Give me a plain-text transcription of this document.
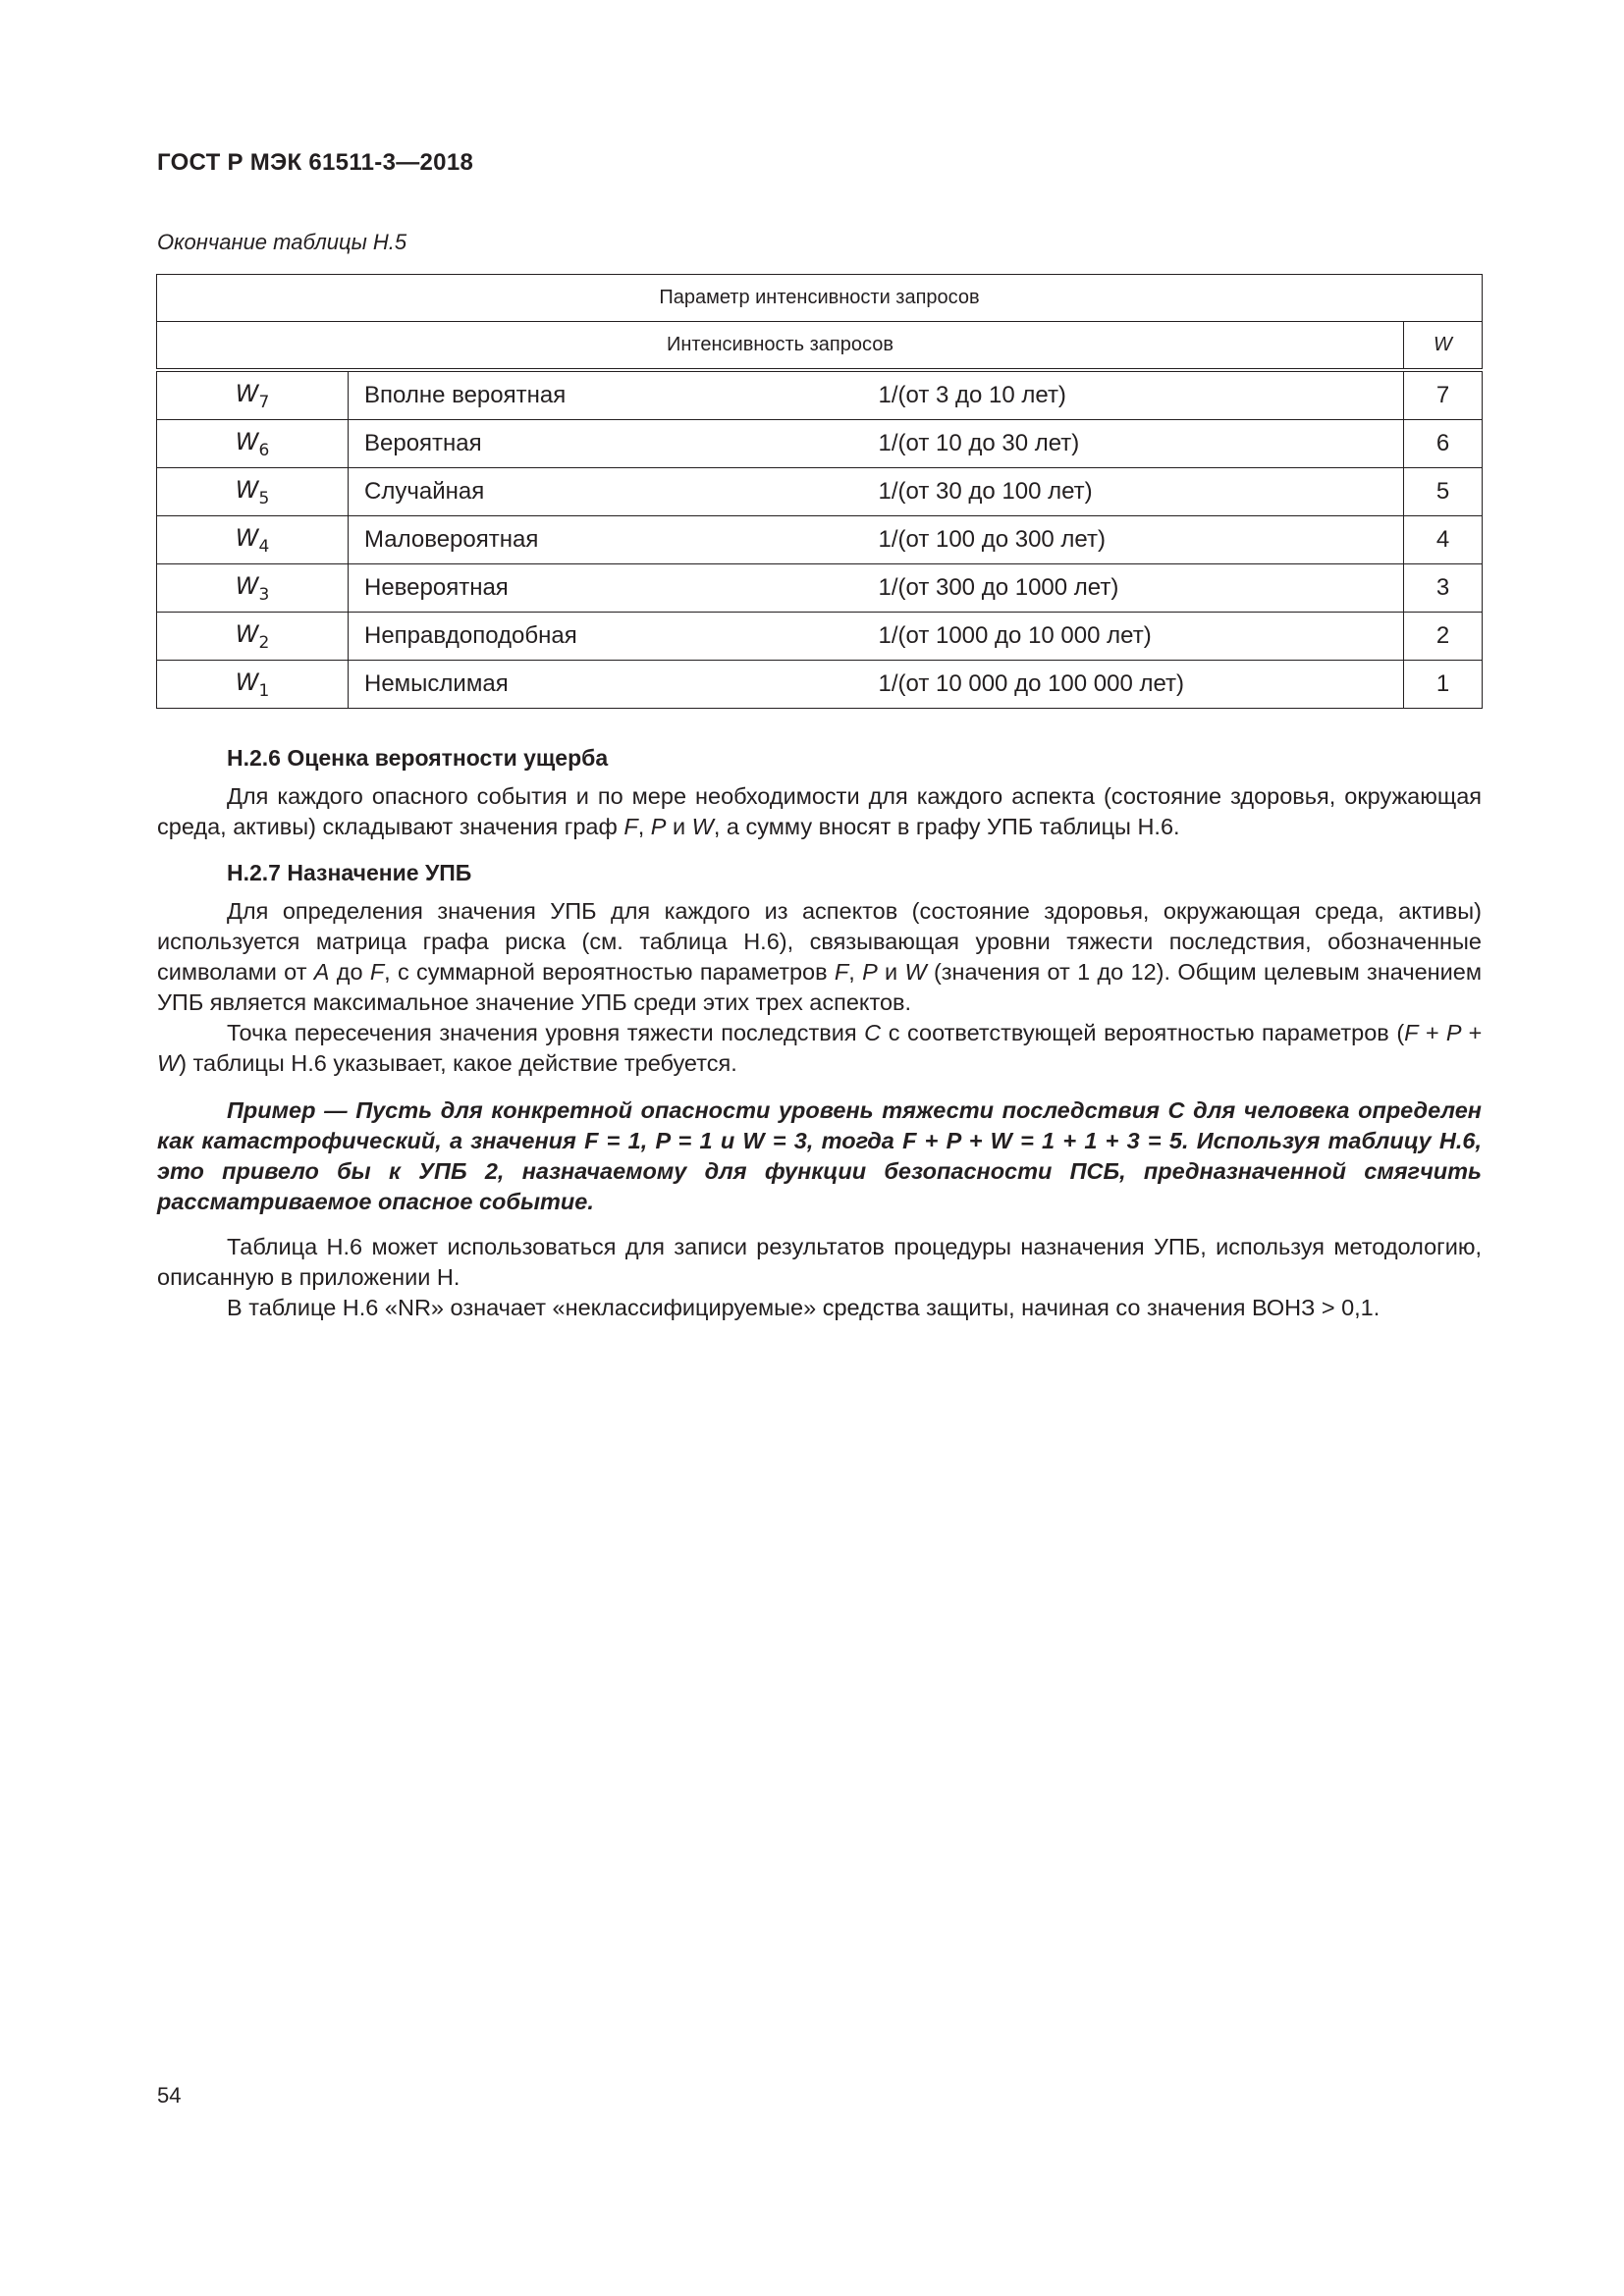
ГОСТ Р МЭК 61511-3—2018
Окончание таблицы Н.5
Параметр интенсивности запросов			
Интенсивность запросов			W
$W_7$	Вполне вероятная	1/(от 3 до 10 лет)	7
$W_6$	Вероятная	1/(от 10 до 30 лет)	6
$W_5$	Случайная	1/(от 30 до 100 лет)	5
$W_4$	Маловероятная	1/(от 100 до 300 лет)	4
$W_3$	Невероятная	1/(от 300 до 1000 лет)	3
$W_2$	Неправдоподобная	1/(от 1000 до 10 000 лет)	2
$W_1$	Немыслимая	1/(от 10 000 до 100 000 лет)	1
Н.2.6 Оценка вероятности ущерба
Для каждого опасного события и по мере необходимости для каждого аспекта (состояние здоровья, окружающая среда, активы) складывают значения граф F, P и W, а сумму вносят в графу УПБ таблицы Н.6.
Н.2.7 Назначение УПБ
Для определения значения УПБ для каждого из аспектов (состояние здоровья, окружающая среда, активы) используется матрица графа риска (см. таблица Н.6), связывающая уровни тяжести последствия, обозначенные символами от A до F, с суммарной вероятностью параметров F, P и W (значения от 1 до 12). Общим целевым значением УПБ является максимальное значение УПБ среди этих трех аспектов.
Точка пересечения значения уровня тяжести последствия C с соответствующей вероятностью параметров (F + P + W) таблицы Н.6 указывает, какое действие требуется.
Пример — Пусть для конкретной опасности уровень тяжести последствия С для человека определен как катастрофический, а значения F = 1, P = 1 и W = 3, тогда F + P + W = 1 + 1 + 3 = 5. Используя таблицу Н.6, это привело бы к УПБ 2, назначаемому для функции безопасности ПСБ, предназначенной смягчить рассматриваемое опасное событие.
Таблица Н.6 может использоваться для записи результатов процедуры назначения УПБ, используя методологию, описанную в приложении Н.
В таблице Н.6 «NR» означает «неклассифицируемые» средства защиты, начиная со значения ВОНЗ > 0,1.
54
